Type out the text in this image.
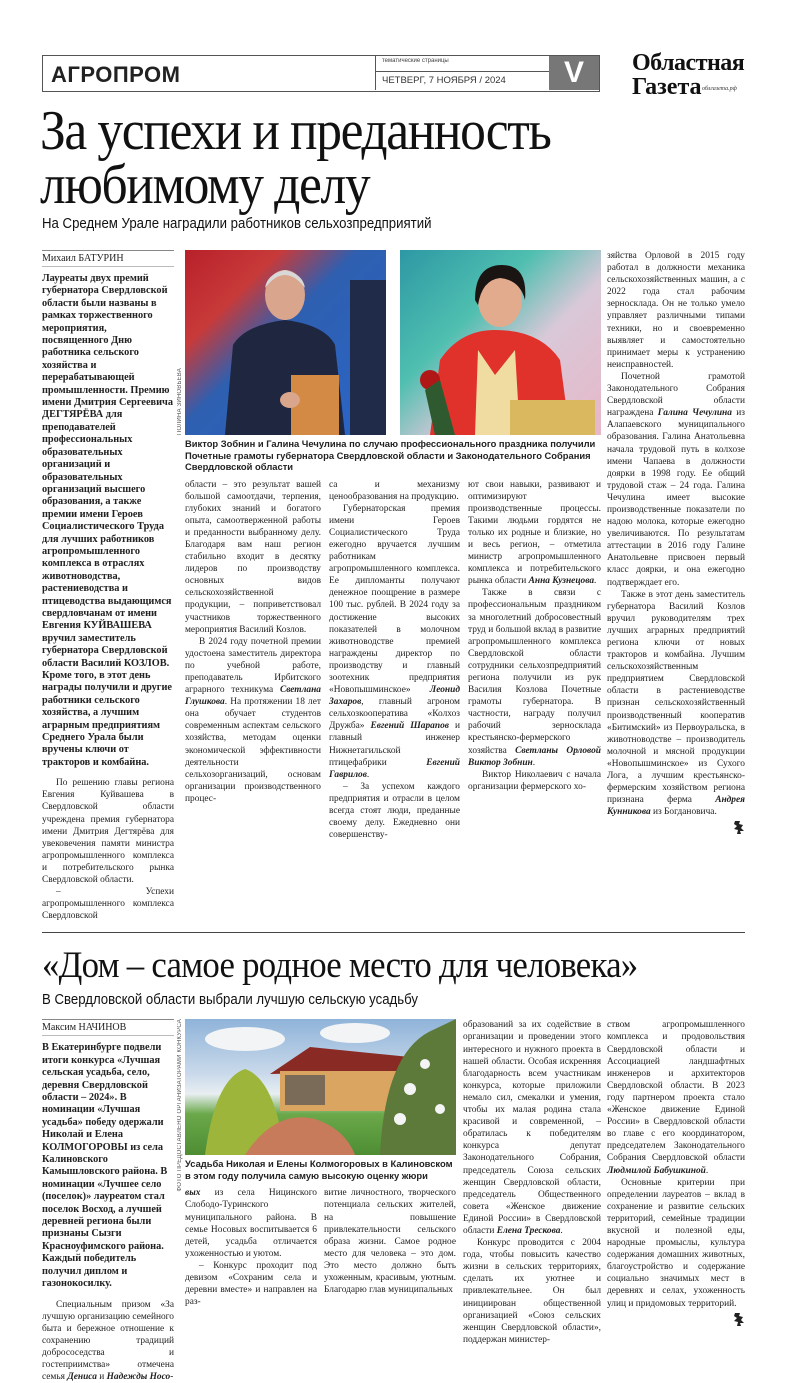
АГРОПРОМ
тематические страницы
ЧЕТВЕРГ, 7 НОЯБРЯ / 2024	V	Областная
Газета облгазета.рф
За успехи и преданность
любимому делу
На Среднем Урале наградили работников сельхозпредприятий
Михаил БАТУРИН

Лауреаты двух премий губернатора Свердловской области были названы в рамках торжественного мероприятия, посвященного Дню работника сельского хозяйства и перерабатывающей промышленности. Премию имени Дмитрия Сергеевича ДЕГТЯРЁВА для преподавателей профессиональных образовательных организаций и образовательных организаций высшего образования, а также премии имени Героев Социалистического Труда для лучших работников агропромышленного комплекса в отраслях животноводства, растениеводства и птицеводства выдающимся свердловчанам от имени Евгения КУЙВАШЕВА вручил заместитель губернатора Свердловской области Василий КОЗЛОВ. Кроме того, в этот день награды получили и другие работники сельского хозяйства, а лучшим аграрным предприятиям Среднего Урала были вручены ключи от тракторов и комбайна.

По решению главы региона Евгения Куйвашева в Свердловской области учреждена премия губернатора имени Дмитрия Дегтярёва для увековечения памяти министра агропромышленного комплекса и потребительского рынка Свердловской области.

– Успехи агропромышленного комплекса Свердловской

ПОЛИНА ЗИНОВЬЕВА
Виктор Зобнин и Галина Чечулина по случаю профессионального праздника получили Почетные грамоты губернатора Свердловской области и Законодательного Собрания Свердловской области

области – это результат вашей большой самоотдачи, терпения, глубоких знаний и богатого опыта, самоотверженной работы и преданности выбранному делу. Благодаря вам наш регион стабильно входит в десятку лидеров по производству основных видов сельскохозяйственной продукции, – поприветствовал участников торжественного мероприятия Василий Козлов.

В 2024 году почетной премии удостоена заместитель директора по учебной работе, преподаватель Ирбитского аграрного техникума Светлана Глушкова. На протяжении 18 лет она обучает студентов современным аспектам сельского хозяйства, методам оценки экономической эффективности деятельности сельхозорганизаций, основам организации производственного процес-

са и механизму ценообразования на продукцию.

Губернаторская премия имени Героев Социалистического Труда ежегодно вручается лучшим работникам агропромышленного комплекса. Ее дипломанты получают денежное поощрение в размере 100 тыс. рублей. В 2024 году за достижение высоких показателей в молочном животноводстве премией награждены директор по производству и главный зоотехник предприятия «Новопышминское» Леонид Захаров, главный агроном сельхозкооператива «Колхоз Дружба» Евгений Шарапов и главный инженер Нижнетагильской птицефабрики Евгений Гаврилов.

– За успехом каждого предприятия и отрасли в целом всегда стоят люди, преданные своему делу. Ежедневно они совершенству-

ют свои навыки, развивают и оптимизируют производственные процессы. Такими людьми гордятся не только их родные и близкие, но и весь регион, – отметила министр агропромышленного комплекса и потребительского рынка области Анна Кузнецова.

Также в связи с профессиональным праздником за многолетний добросовестный труд и большой вклад в развитие агропромышленного комплекса Свердловской области сотрудники сельхозпредприятий региона получили из рук Василия Козлова Почетные грамоты губернатора. В частности, награду получил рабочий зерносклада крестьянско-фермерского хозяйства Светланы Орловой Виктор Зобнин.

Виктор Николаевич с начала организации фермерского хо-

зяйства Орловой в 2015 году работал в должности механика сельскохозяйственных машин, а с 2022 года стал рабочим зерносклада. Он не только умело управляет различными типами техники, но и своевременно выявляет и самостоятельно принимает меры к устранению неисправностей.

Почетной грамотой Законодательного Собрания Свердловской области награждена Галина Чечулина из Алапаевского муниципального образования. Галина Анатольевна начала трудовой путь в колхозе имени Чапаева в должности доярки в 1998 году. Ее общий трудовой стаж – 24 года. Галина Чечулина имеет высокие производственные показатели по надою молока, которые ежегодно увеличиваются. По результатам аттестации в 2016 году Галине Анатольевне присвоен первый класс доярки, и она ежегодно подтверждает его.

Также в этот день заместитель губернатора Василий Козлов вручил руководителям трех лучших аграрных предприятий региона ключи от новых тракторов и комбайна. Лучшим сельскохозяйственным предприятием Свердловской области в растениеводстве признан сельскохозяйственный производственный кооператив «Битимский» из Первоуральска, в животноводстве – производитель молочной и мясной продукции «Новопышминское» из Сухого Лога, а лучшим крестьянско-фермерским хозяйством региона признана ферма Андрея Кунникова из Богдановича.

«Дом – самое родное место для человека»
В Свердловской области выбрали лучшую сельскую усадьбу
Максим НАЧИНОВ

В Екатеринбурге подвели итоги конкурса «Лучшая сельская усадьба, село, деревня Свердловской области – 2024». В номинации «Лучшая усадьба» победу одержали Николай и Елена КОЛМОГОРОВЫ из села Калиновского Камышловского района. В номинации «Лучшее село (поселок)» лауреатом стал поселок Восход, а лучшей деревней региона были признаны Сызги Красноуфимского района. Каждый победитель получил диплом и газонокосилку.

Специальным призом «За лучшую организацию семейного быта и бережное отношение к сохранению традиций добрососедства и гостеприимства» отмечена семья Дениса и Надежды Носо-

ФОТО ПРЕДОСТАВЛЕНО ОРГАНИЗАТОРАМИ КОНКУРСА Усадьба Николая и Елены Колмогоровых в Калиновском в этом году получила самую высокую оценку жюри

вых из села Ницинского Слободо-Туринского муниципального района. В семье Носовых воспитывается 6 детей, усадьба отличается ухоженностью и уютом.

– Конкурс проходит под девизом «Сохраним села и деревни вместе» и направлен на раз-

витие личностного, творческого потенциала сельских жителей, на повышение привлекательности сельского образа жизни. Самое родное место для человека – это дом. Это место должно быть ухоженным, красивым, уютным. Благодарю глав муниципальных

образований за их содействие в организации и проведении этого интересного и нужного проекта в нашей области. Особая искренняя благодарность всем участникам конкурса, которые приложили немало сил, смекалки и умения, чтобы их малая родина стала красивой и современной, – обратилась к победителям конкурса депутат Законодательного Собрания, председатель Союза сельских женщин Свердловской области, председатель Общественного совета «Женское движение Единой России» в Свердловской области Елена Трескова.

Конкурс проводится с 2004 года, чтобы повысить качество жизни в сельских территориях, сделать их уютнее и привлекательнее. Он был инициирован общественной организацией «Союз сельских женщин Свердловской области», поддержан министер-

ством агропромышленного комплекса и продовольствия Свердловской области и Ассоциацией ландшафтных инженеров и архитекторов Свердловской области. В 2023 году партнером проекта стало «Женское движение Единой России» в Свердловской области во главе с его координатором, председателем Законодательного Собрания Свердловской области Людмилой Бабушкиной.

Основные критерии при определении лауреатов – вклад в сохранение и развитие сельских территорий, семейные традиции вкусной и полезной еды, народные промыслы, культура содержания домашних животных, благоустройство и содержание социально значимых мест в деревнях и селах, ухоженность улиц и придомовых территорий.
